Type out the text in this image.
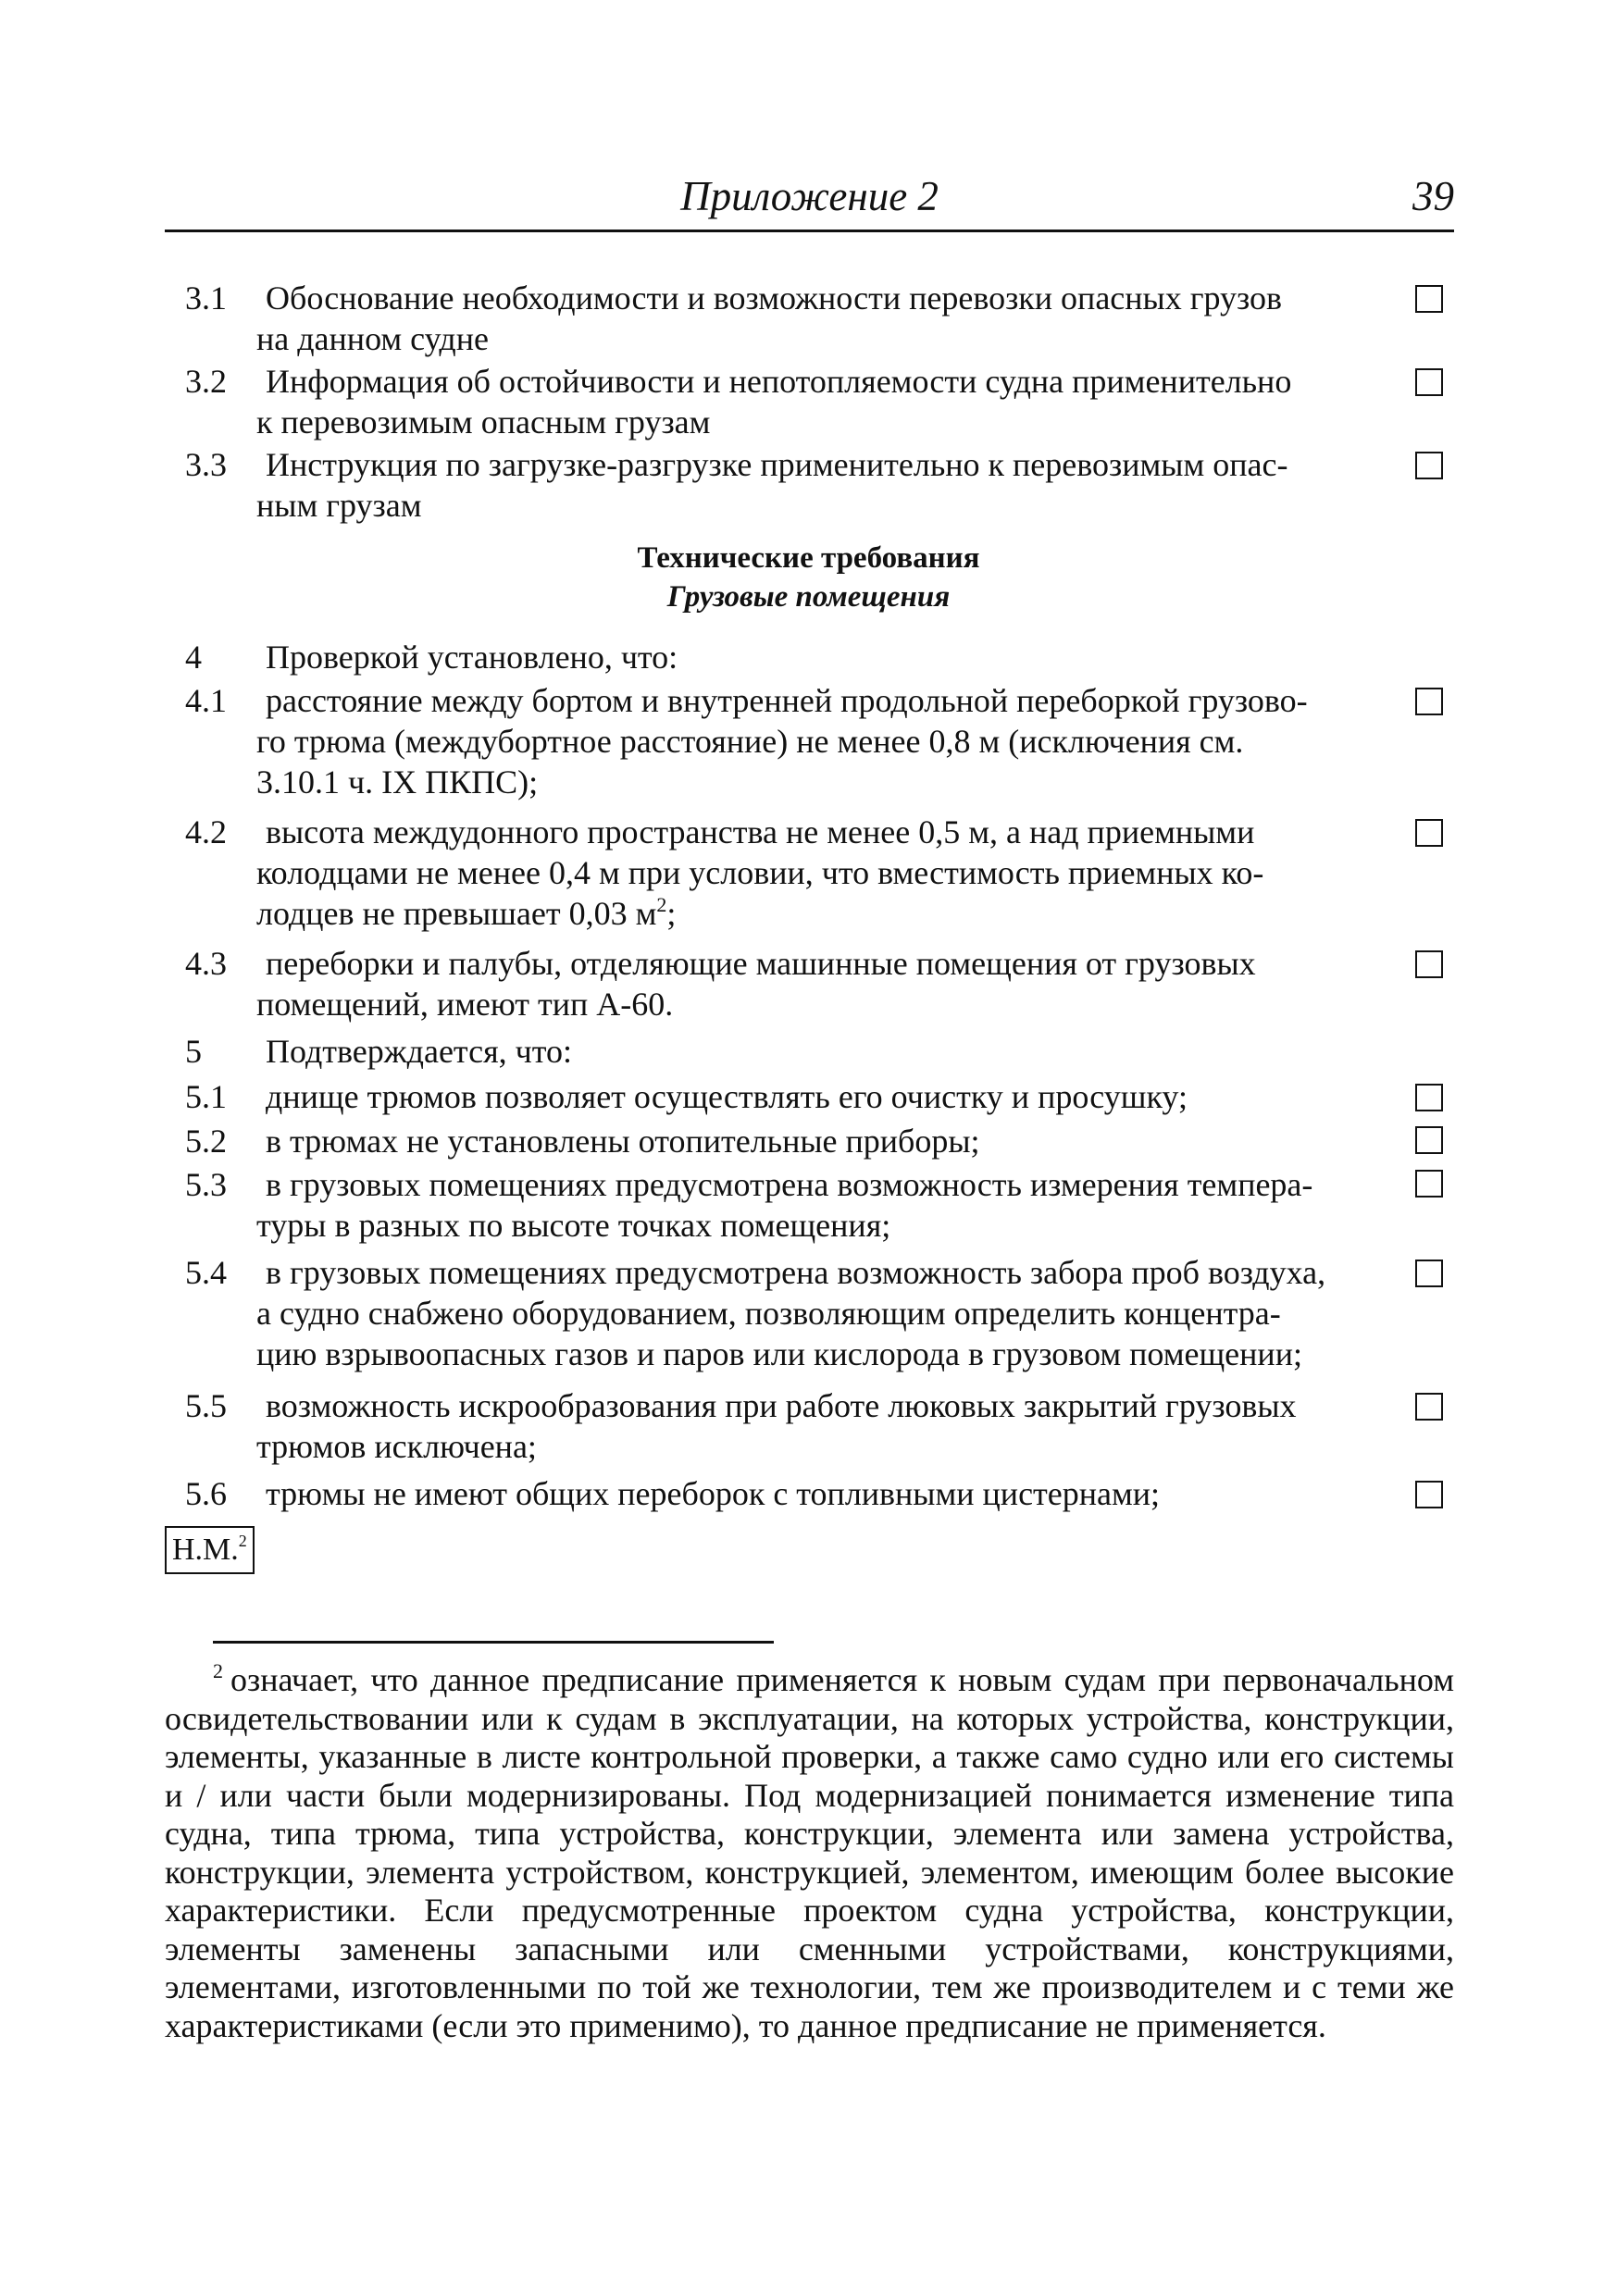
Приложение 2	39
3.1	Обоснование необходимости и возможности перевозки опасных грузов
на данном судне
3.2	Информация об остойчивости и непотопляемости судна применительно
к перевозимым опасным грузам
3.3	Инструкция по загрузке-разгрузке применительно к перевозимым опас-
ным грузам
Технические требования
Грузовые помещения
4	Проверкой установлено, что:
4.1	расстояние между бортом и внутренней продольной переборкой грузово-
го трюма (междубортное расстояние) не менее 0,8 м (исключения см.
3.10.1 ч. IX ПКПС);
4.2	высота междудонного пространства не менее 0,5 м, а над приемными
колодцами не менее 0,4 м при условии, что вместимость приемных ко-
лодцев не превышает 0,03 $м^2$;
4.3	переборки и палубы, отделяющие машинные помещения от грузовых
помещений, имеют тип А-60.
5	Подтверждается, что:
5.1	днище трюмов позволяет осуществлять его очистку и просушку;
5.2	в трюмах не установлены отопительные приборы;
5.3	в грузовых помещениях предусмотрена возможность измерения темпера-
туры в разных по высоте точках помещения;
5.4	в грузовых помещениях предусмотрена возможность забора проб воздуха,
а судно снабжено оборудованием, позволяющим определить концентра-
цию взрывоопасных газов и паров или кислорода в грузовом помещении;
5.5	возможность искрообразования при работе люковых закрытий грузовых
трюмов исключена;
5.6	трюмы не имеют общих переборок с топливными цистернами;
Н.М.$^2$
$^2$ означает, что данное предписание применяется к новым судам при первоначальном освидетельствовании или к судам в эксплуатации, на которых устройства, конструкции, элементы, указанные в листе контрольной проверки, а также само судно или его системы и / или части были модернизированы. Под модернизацией понимается изменение типа судна, типа трюма, типа устройства, конструкции, элемента или замена устройства, конструкции, элемента устройством, конструкцией, элементом, имеющим более высокие характеристики. Если предусмотренные проектом судна устройства, конструкции, элементы заменены запасными или сменными устройствами, конструкциями, элементами, изготовленными по той же технологии, тем же производителем и с теми же характеристиками (если это применимо), то данное предписание не применяется.
